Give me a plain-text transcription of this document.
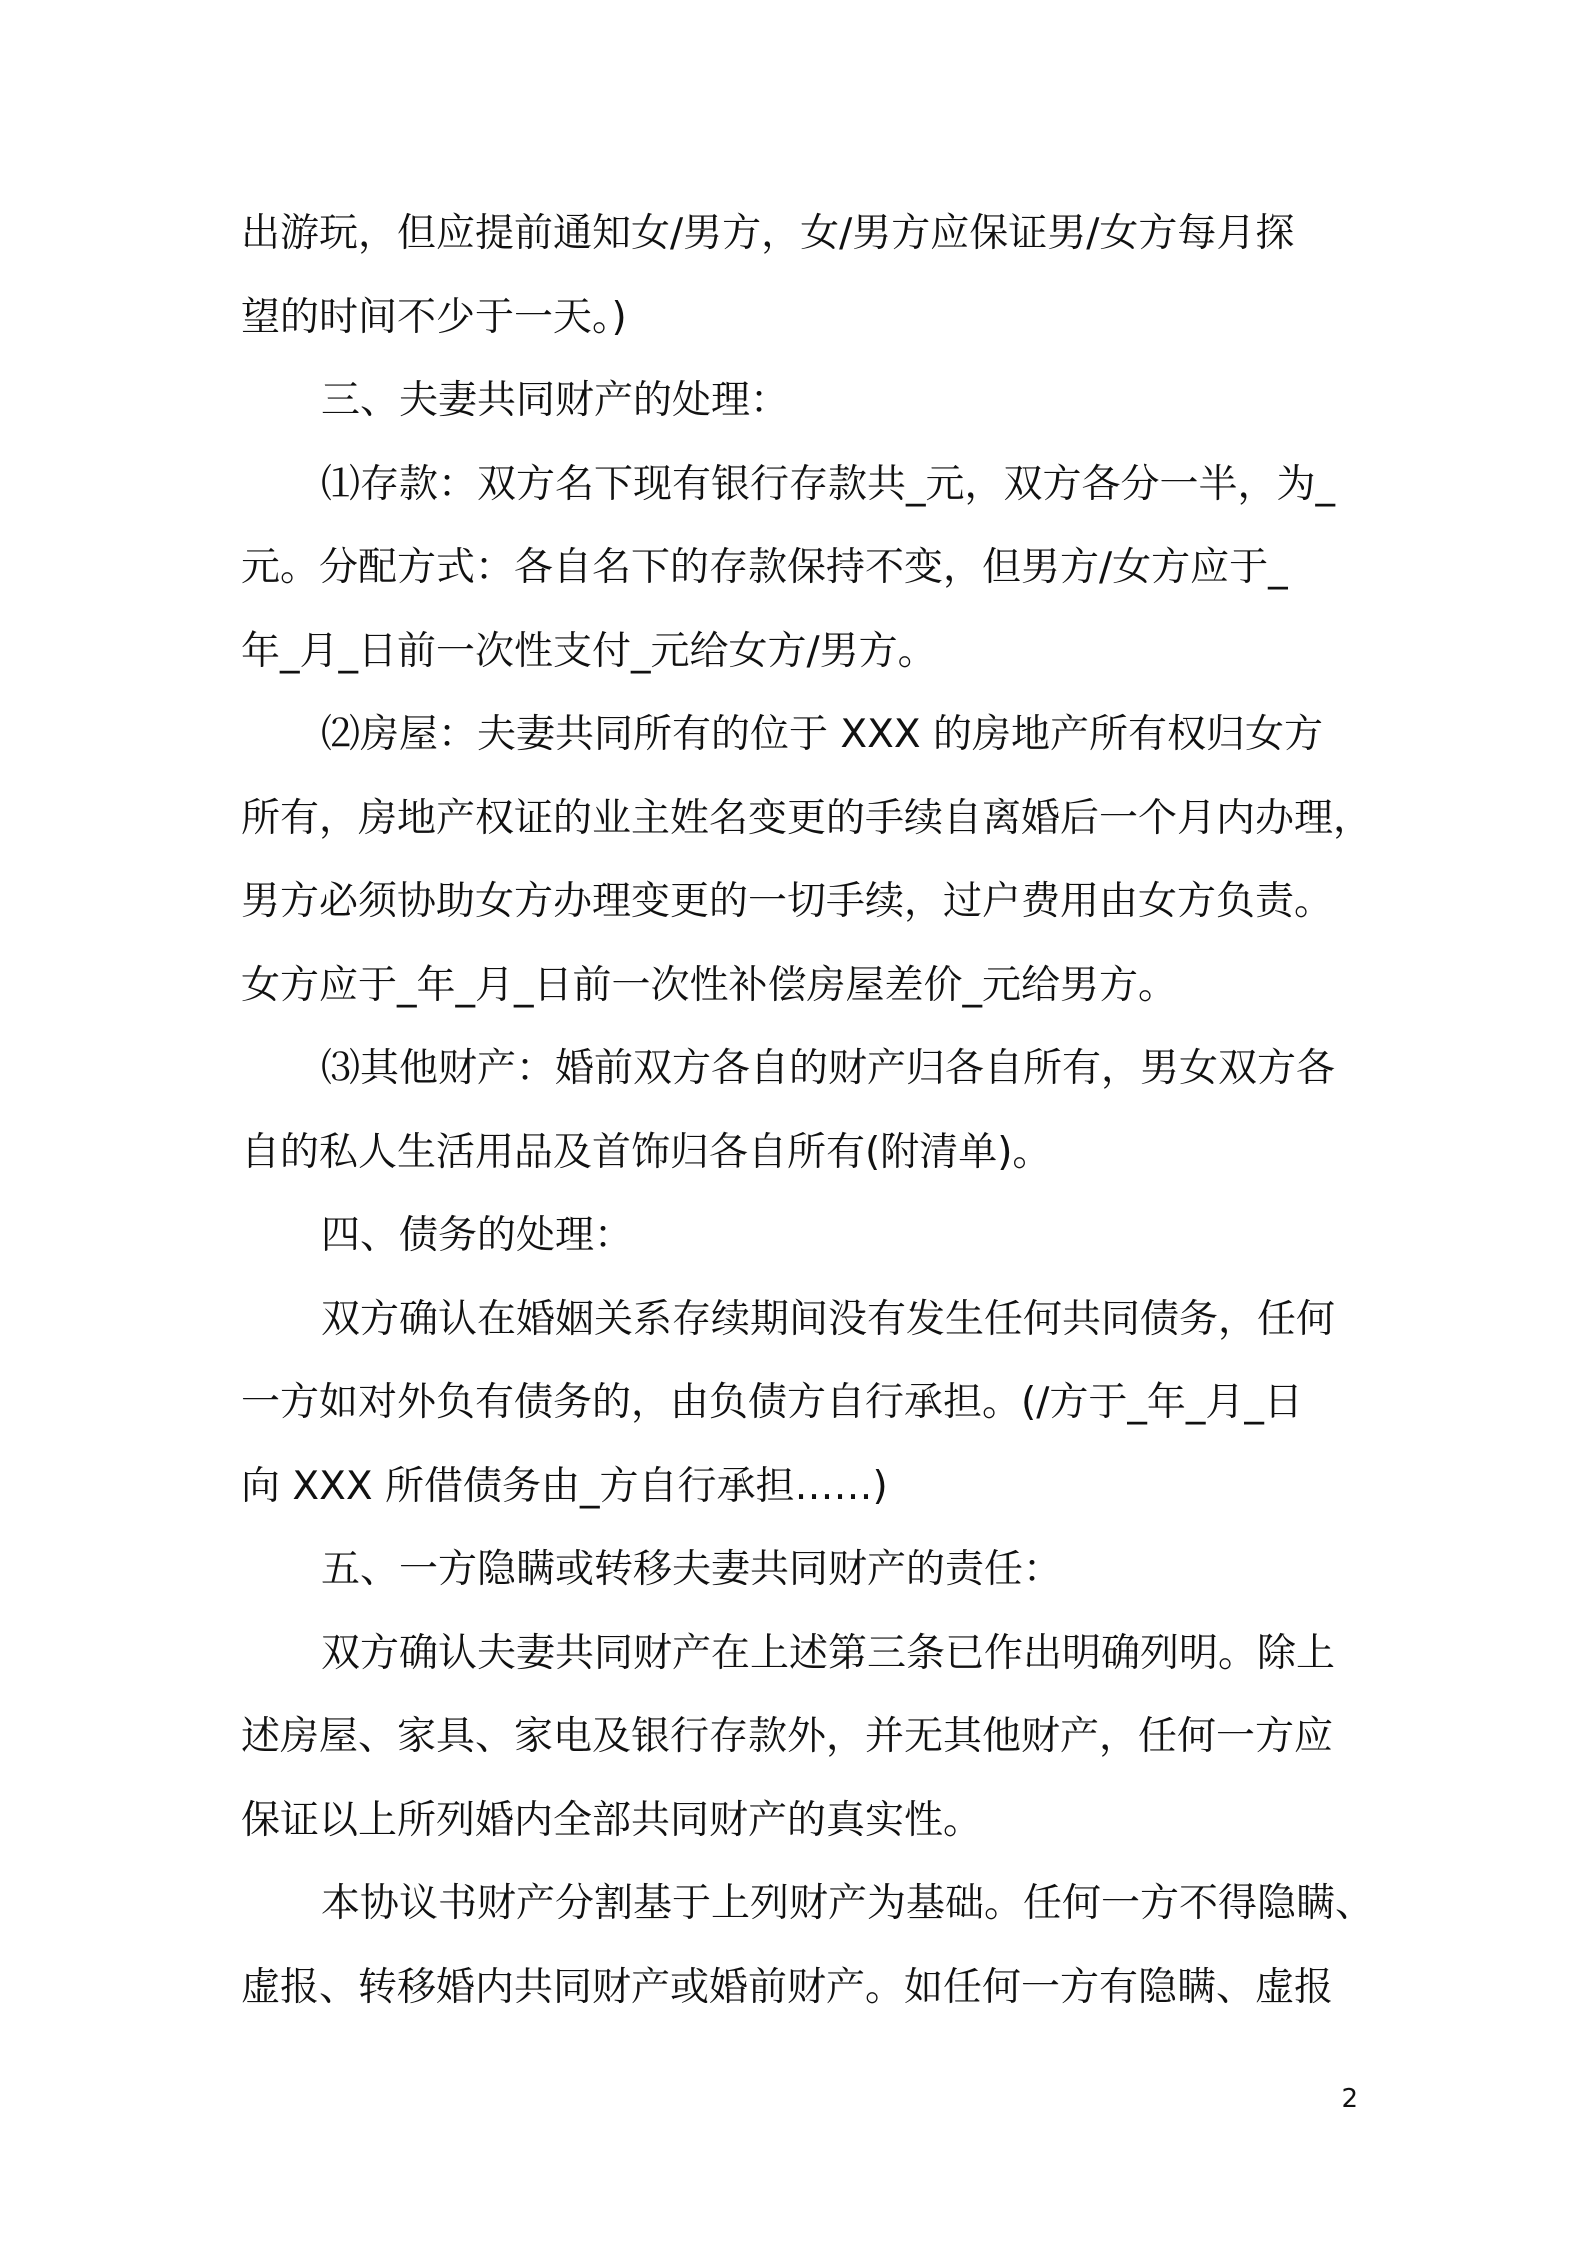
出游玩，但应提前通知女/男方，女/男方应保证男/女方每月探
望的时间不少于一天。)
三、夫妻共同财产的处理：
⑴存款：双方名下现有银行存款共_元，双方各分一半，为_
元。分配方式：各自名下的存款保持不变，但男方/女方应于_
年_月_日前一次性支付_元给女方/男方。
⑵房屋：夫妻共同所有的位于 XXX 的房地产所有权归女方
所有，房地产权证的业主姓名变更的手续自离婚后一个月内办理，
男方必须协助女方办理变更的一切手续，过户费用由女方负责。
女方应于_年_月_日前一次性补偿房屋差价_元给男方。
⑶其他财产：婚前双方各自的财产归各自所有，男女双方各
自的私人生活用品及首饰归各自所有(附清单)。
四、债务的处理：
双方确认在婚姻关系存续期间没有发生任何共同债务，任何
一方如对外负有债务的，由负债方自行承担。(/方于_年_月_日
向 XXX 所借债务由_方自行承担……)
五、一方隐瞒或转移夫妻共同财产的责任：
双方确认夫妻共同财产在上述第三条已作出明确列明。除上
述房屋、家具、家电及银行存款外，并无其他财产，任何一方应
保证以上所列婚内全部共同财产的真实性。
本协议书财产分割基于上列财产为基础。任何一方不得隐瞒、
虚报、转移婚内共同财产或婚前财产。如任何一方有隐瞒、虚报
2
